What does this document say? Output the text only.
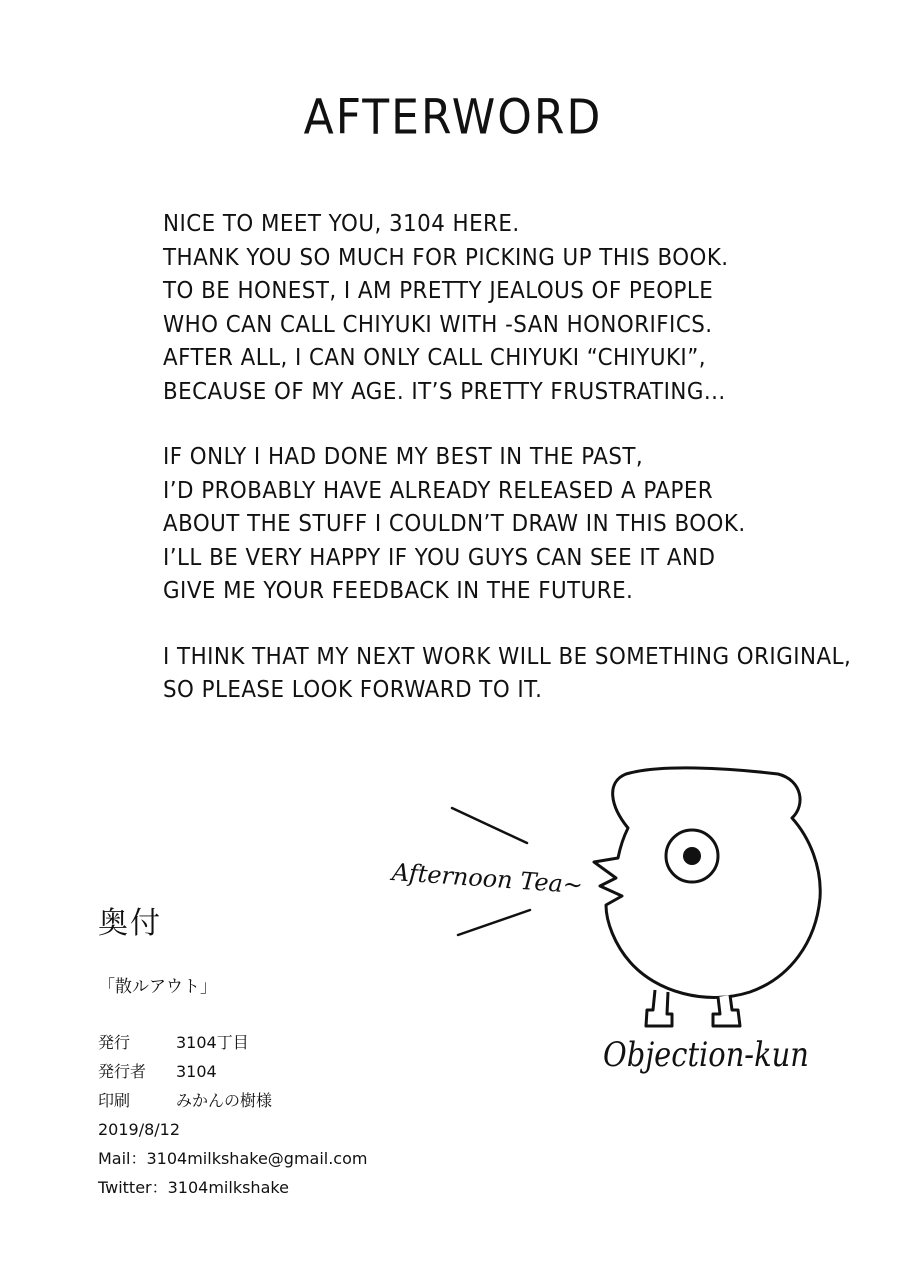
AFTERWORD
NICE TO MEET YOU, 3104 HERE.
THANK YOU SO MUCH FOR PICKING UP THIS BOOK.
TO BE HONEST, I AM PRETTY JEALOUS OF PEOPLE
WHO CAN CALL CHIYUKI WITH -SAN HONORIFICS.
AFTER ALL, I CAN ONLY CALL CHIYUKI “CHIYUKI”,
BECAUSE OF MY AGE. IT’S PRETTY FRUSTRATING...
IF ONLY I HAD DONE MY BEST IN THE PAST,
I’D PROBABLY HAVE ALREADY RELEASED A PAPER
ABOUT THE STUFF I COULDN’T DRAW IN THIS BOOK.
I’LL BE VERY HAPPY IF YOU GUYS CAN SEE IT AND
GIVE ME YOUR FEEDBACK IN THE FUTURE.
I THINK THAT MY NEXT WORK WILL BE SOMETHING ORIGINAL,
SO PLEASE LOOK FORWARD TO IT.
Afternoon Tea~
Objection-kun
奥付
「散ルアウト」
発行	3104丁目
発行者 3104
印刷	みかんの樹様
2019/8/12
Mail：3104milkshake@gmail.com
Twitter：3104milkshake
